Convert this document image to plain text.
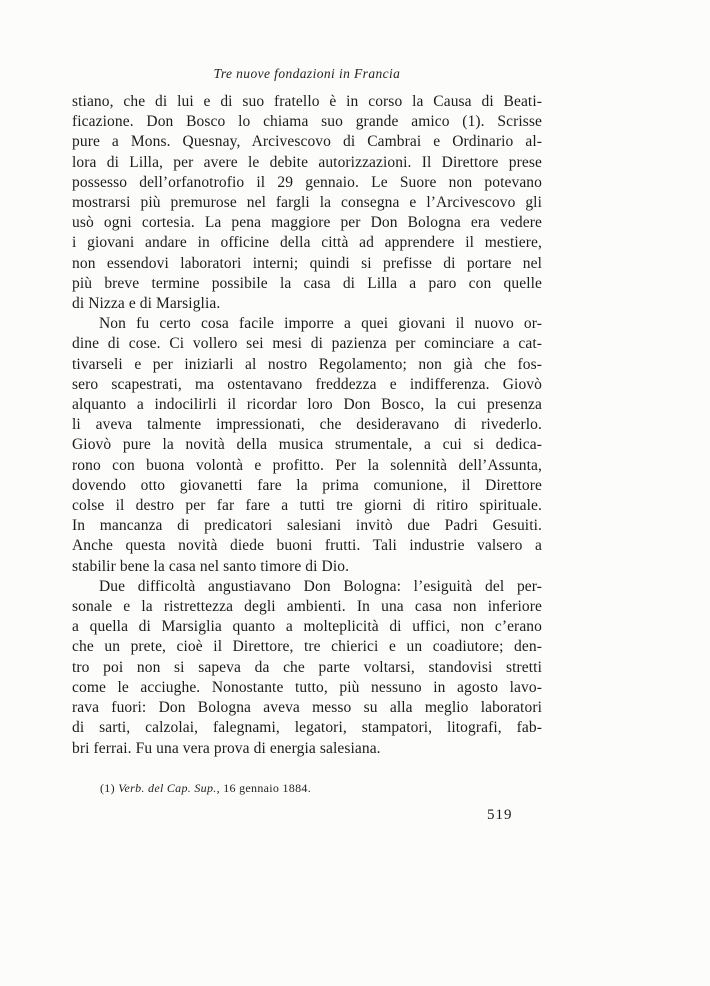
Tre nuove fondazioni in Francia
stiano, che di lui e di suo fratello è in corso la Causa di Beati-
ficazione. Don Bosco lo chiama suo grande amico (1). Scrisse
pure a Mons. Quesnay, Arcivescovo di Cambrai e Ordinario al-
lora di Lilla, per avere le debite autorizzazioni. Il Direttore prese
possesso dell’orfanotrofio il 29 gennaio. Le Suore non potevano
mostrarsi più premurose nel fargli la consegna e l’Arcivescovo gli
usò ogni cortesia. La pena maggiore per Don Bologna era vedere
i giovani andare in officine della città ad apprendere il mestiere,
non essendovi laboratori interni; quindi si prefisse di portare nel
più breve termine possibile la casa di Lilla a paro con quelle
di Nizza e di Marsiglia.
Non fu certo cosa facile imporre a quei giovani il nuovo or-
dine di cose. Ci vollero sei mesi di pazienza per cominciare a cat-
tivarseli e per iniziarli al nostro Regolamento; non già che fos-
sero scapestrati, ma ostentavano freddezza e indifferenza. Giovò
alquanto a indocilirli il ricordar loro Don Bosco, la cui presenza
li aveva talmente impressionati, che desideravano di rivederlo.
Giovò pure la novità della musica strumentale, a cui si dedica-
rono con buona volontà e profitto. Per la solennità dell’Assunta,
dovendo otto giovanetti fare la prima comunione, il Direttore
colse il destro per far fare a tutti tre giorni di ritiro spirituale.
In mancanza di predicatori salesiani invitò due Padri Gesuiti.
Anche questa novità diede buoni frutti. Tali industrie valsero a
stabilir bene la casa nel santo timore di Dio.
Due difficoltà angustiavano Don Bologna: l’esiguità del per-
sonale e la ristrettezza degli ambienti. In una casa non inferiore
a quella di Marsiglia quanto a molteplicità di uffici, non c’erano
che un prete, cioè il Direttore, tre chierici e un coadiutore; den-
tro poi non si sapeva da che parte voltarsi, standovisi stretti
come le acciughe. Nonostante tutto, più nessuno in agosto lavo-
rava fuori: Don Bologna aveva messo su alla meglio laboratori
di sarti, calzolai, falegnami, legatori, stampatori, litografi, fab-
bri ferrai. Fu una vera prova di energia salesiana.
(1) Verb. del Cap. Sup., 16 gennaio 1884.
519
